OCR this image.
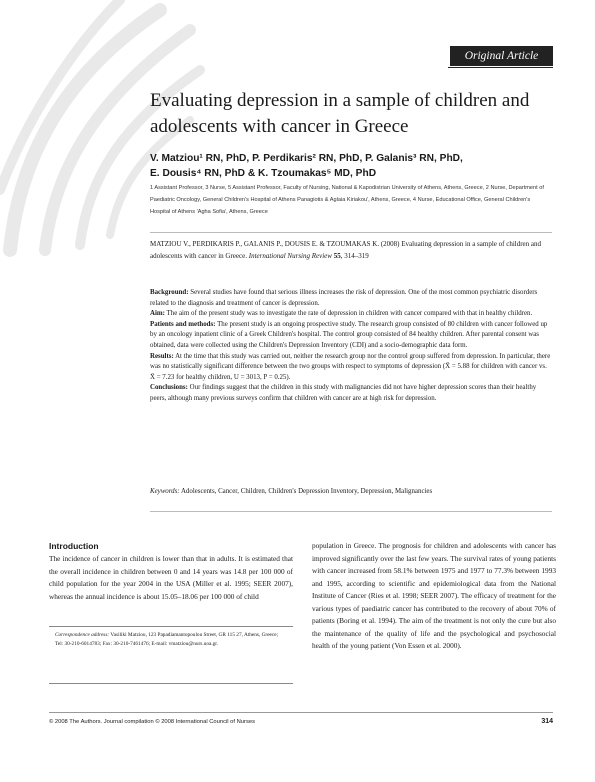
Original Article
Evaluating depression in a sample of children and adolescents with cancer in Greece
V. Matziou¹ RN, PhD, P. Perdikaris² RN, PhD, P. Galanis³ RN, PhD,
E. Dousis⁴ RN, PhD & K. Tzoumakas⁵ MD, PhD
1 Assistant Professor, 3 Nurse, 5 Assistant Professor, Faculty of Nursing, National & Kapodistrian University of Athens, Athens, Greece, 2 Nurse, Department of Paediatric Oncology, General Children's Hospital of Athens Panagiotis & Aglaia Kiriakou', Athens, Greece, 4 Nurse, Educational Office, General Children's Hospital of Athens 'Agha Sofia', Athens, Greece
MATZIOU V., PERDIKARIS P., GALANIS P., DOUSIS E. & TZOUMAKAS K. (2008) Evaluating depression in a sample of children and adolescents with cancer in Greece. International Nursing Review 55, 314–319

Background: Several studies have found that serious illness increases the risk of depression. One of the most common psychiatric disorders related to the diagnosis and treatment of cancer is depression.

Aim: The aim of the present study was to investigate the rate of depression in children with cancer compared with that in healthy children.

Patients and methods: The present study is an ongoing prospective study. The research group consisted of 80 children with cancer followed up by an oncology inpatient clinic of a Greek Children's hospital. The control group consisted of 84 healthy children. After parental consent was obtained, data were collected using the Children's Depression Inventory (CDI) and a socio-demographic data form.

Results: At the time that this study was carried out, neither the research group nor the control group suffered from depression. In particular, there was no statistically significant difference between the two groups with respect to symptoms of depression (X̄ = 5.88 for children with cancer vs. X̄ = 7.23 for healthy children, U = 3013, P = 0.25).

Conclusions: Our findings suggest that the children in this study with malignancies did not have higher depression scores than their healthy peers, although many previous surveys confirm that children with cancer are at high risk for depression.

Keywords: Adolescents, Cancer, Children, Children's Depression Inventory, Depression, Malignancies
Introduction
The incidence of cancer in children is lower than that in adults. It is estimated that the overall incidence in children between 0 and 14 years was 14.8 per 100 000 of child population for the year 2004 in the USA (Miller et al. 1995; SEER 2007), whereas the annual incidence is about 15.05–18.06 per 100 000 of child
population in Greece. The prognosis for children and adolescents with cancer has improved significantly over the last few years. The survival rates of young patients with cancer increased from 58.1% between 1975 and 1977 to 77.3% between 1993 and 1995, according to scientific and epidemiological data from the National Institute of Cancer (Ries et al. 1998; SEER 2007). The efficacy of treatment for the various types of paediatric cancer has contributed to the recovery of about 70% of patients (Boring et al. 1994). The aim of the treatment is not only the cure but also the maintenance of the quality of life and the psychological and psychosocial health of the young patient (Von Essen et al. 2000).
Correspondence address: Vasiliki Matziou, 123 Papadiamantopoulou Street, GR 115 27, Athens, Greece; Tel: 30-210-6014783; Fax: 30-210-7461476; E-mail: vmatziou@nurs.uoa.gr.
© 2008 The Authors. Journal compilation © 2008 International Council of Nurses	314
